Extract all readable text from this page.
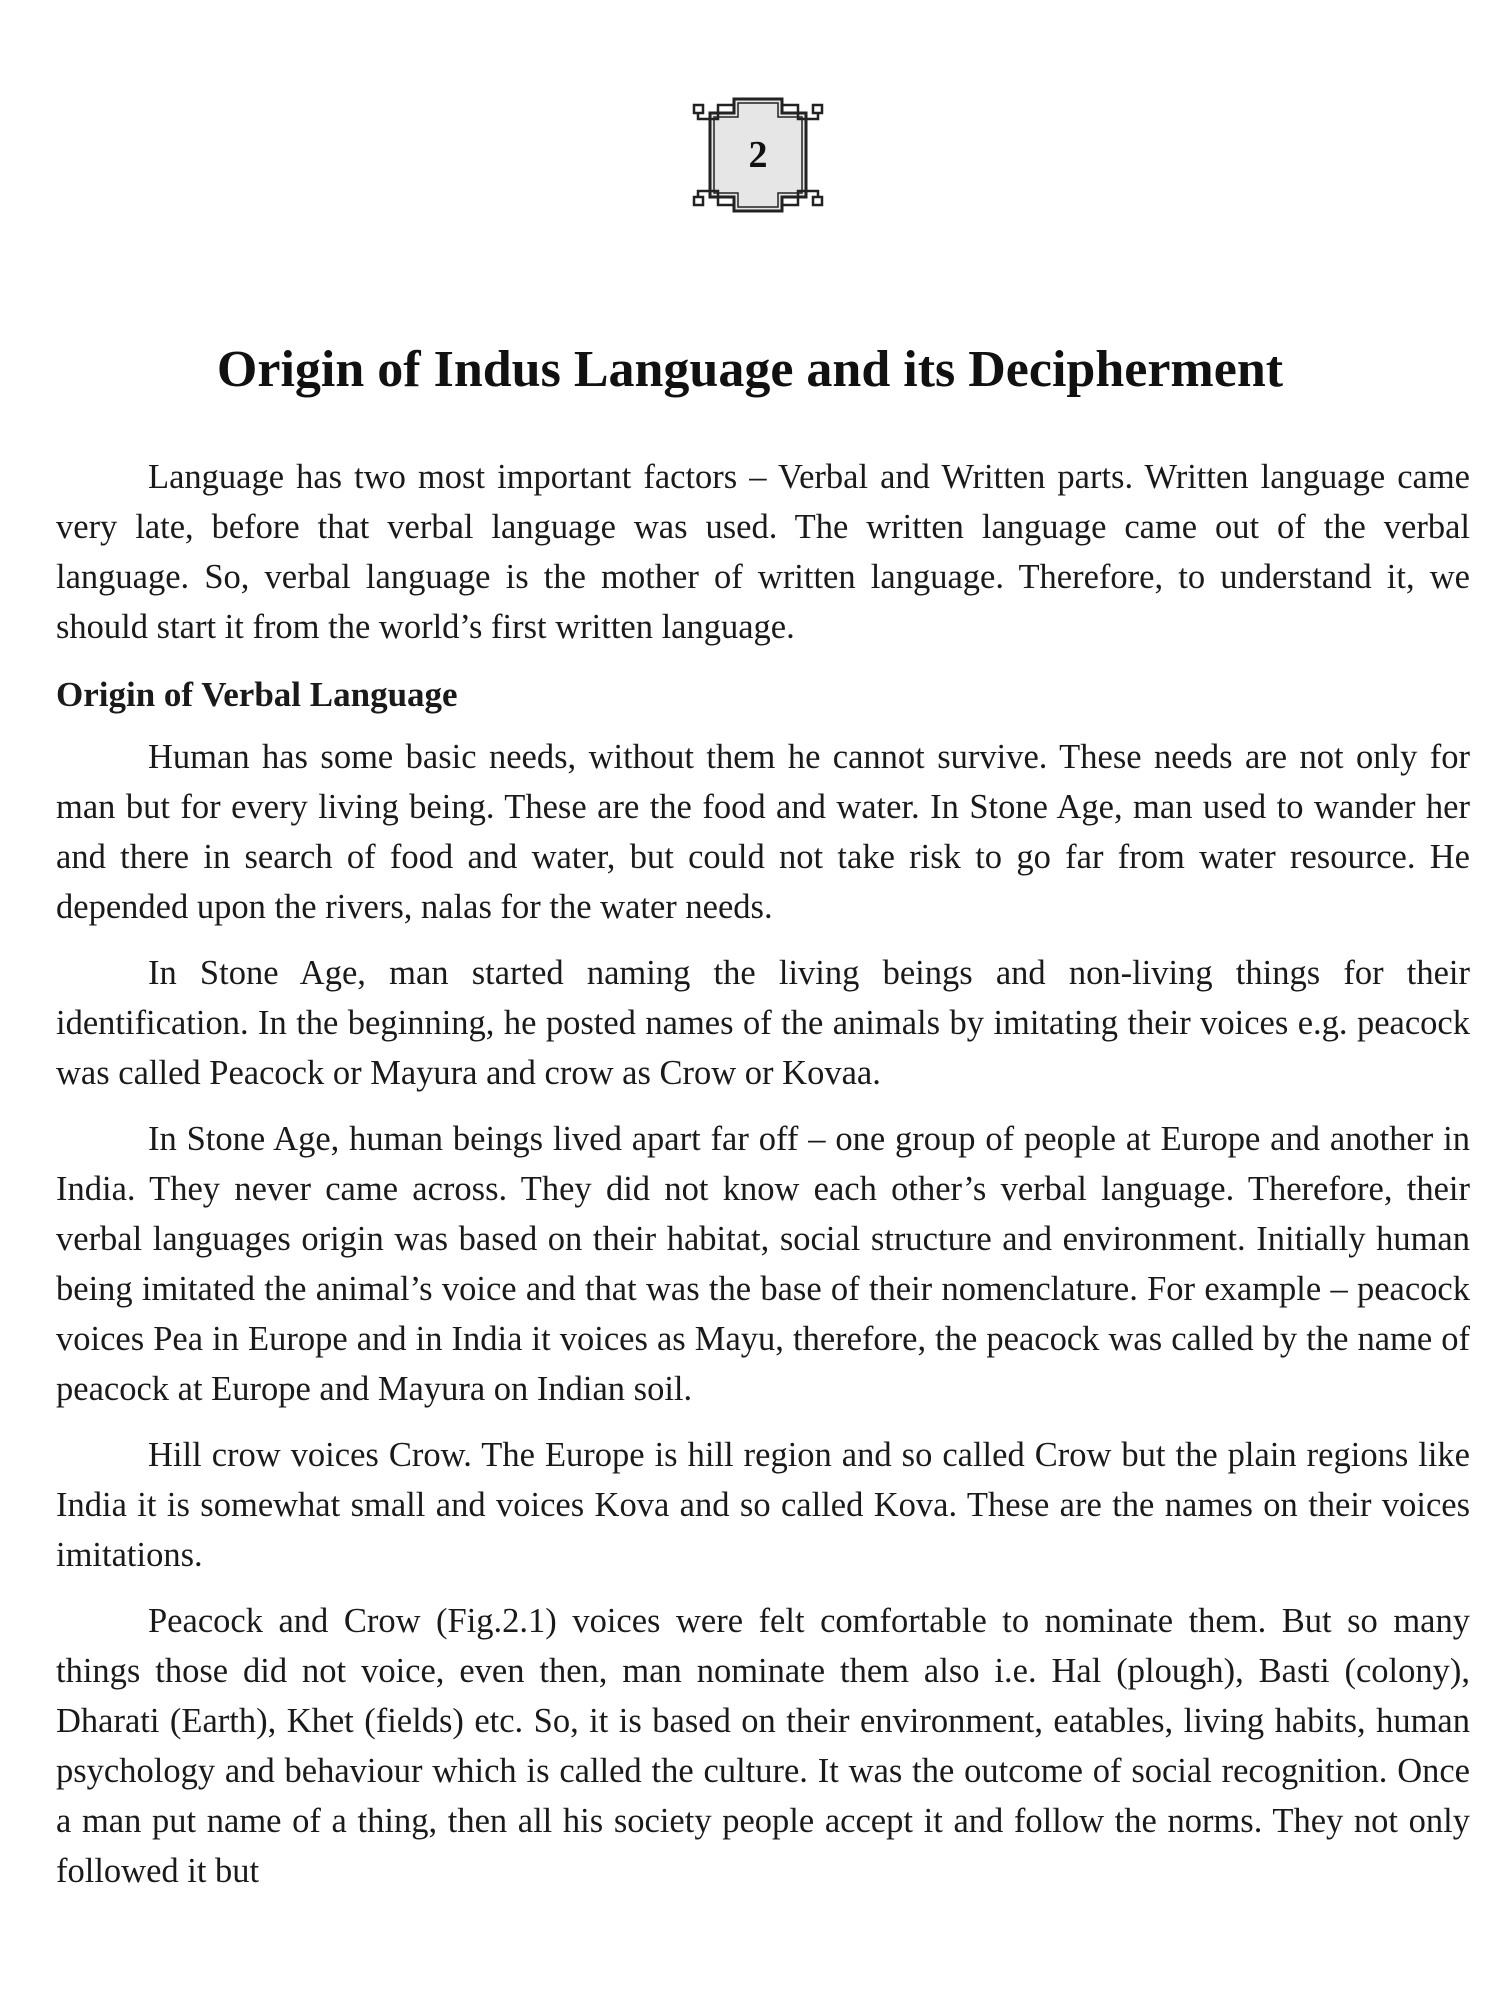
2
Origin of Indus Language and its Decipherment

Language has two most important factors – Verbal and Written parts. Written language came very late, before that verbal language was used. The written language came out of the verbal language. So, verbal language is the mother of written language. Therefore, to understand it, we should start it from the world’s first written language.

Origin of Verbal Language

Human has some basic needs, without them he cannot survive. These needs are not only for man but for every living being. These are the food and water. In Stone Age, man used to wander her and there in search of food and water, but could not take risk to go far from water resource. He depended upon the rivers, nalas for the water needs.

In Stone Age, man started naming the living beings and non-living things for their identification. In the beginning, he posted names of the animals by imitating their voices e.g. peacock was called Peacock or Mayura and crow as Crow or Kovaa.

In Stone Age, human beings lived apart far off – one group of people at Europe and another in India. They never came across. They did not know each other’s verbal language. Therefore, their verbal languages origin was based on their habitat, social structure and environment. Initially human being imitated the animal’s voice and that was the base of their nomenclature. For example – peacock voices Pea in Europe and in India it voices as Mayu, therefore, the peacock was called by the name of peacock at Europe and Mayura on Indian soil.

Hill crow voices Crow. The Europe is hill region and so called Crow but the plain regions like India it is somewhat small and voices Kova and so called Kova. These are the names on their voices imitations.

Peacock and Crow (Fig.2.1) voices were felt comfortable to nominate them. But so many things those did not voice, even then, man nominate them also i.e. Hal (plough), Basti (colony), Dharati (Earth), Khet (fields) etc. So, it is based on their environment, eatables, living habits, human psychology and behaviour which is called the culture. It was the outcome of social recognition. Once a man put name of a thing, then all his society people accept it and follow the norms. They not only followed it but
